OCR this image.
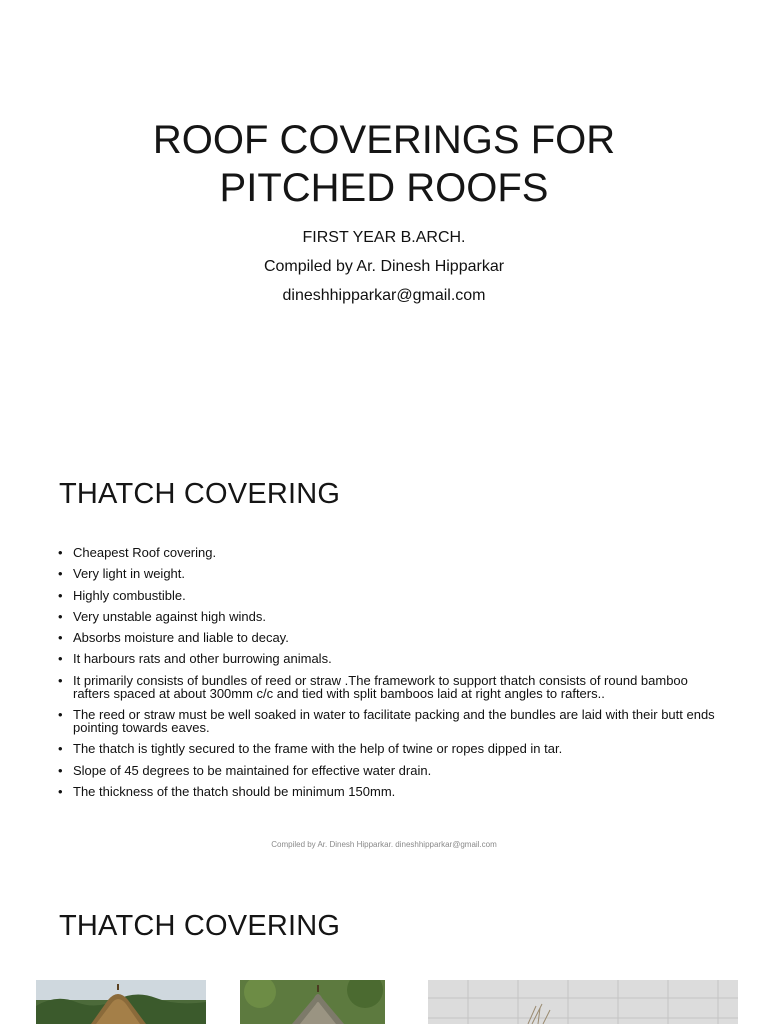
ROOF COVERINGS FOR
PITCHED ROOFS

FIRST YEAR B.ARCH.

Compiled by Ar. Dinesh Hipparkar

dineshhipparkar@gmail.com

THATCH COVERING
• Cheapest Roof covering.
• Very light in weight.
• Highly combustible.
• Very unstable against high winds.
• Absorbs moisture and liable to decay.
• It harbours rats and other burrowing animals.
• It primarily consists of bundles of reed or straw .The framework to support thatch consists of round bamboo rafters spaced at about 300mm c/c and tied with split bamboos laid at right angles to rafters..
• The reed or straw must be well soaked in water to facilitate packing and the bundles are laid with their butt ends pointing towards eaves.
• The thatch is tightly secured to the frame with the help of twine or ropes dipped in tar.
• Slope of 45 degrees to be maintained for effective water drain.
• The thickness of the thatch should be minimum 150mm.
Compiled by Ar. Dinesh Hipparkar. dineshhipparkar@gmail.com
THATCH COVERING
